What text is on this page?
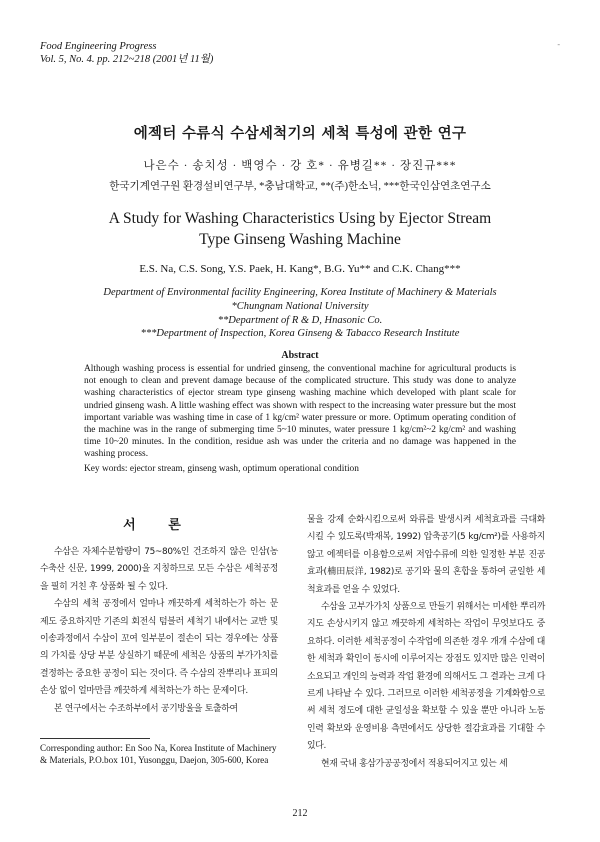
Food Engineering Progress
Vol. 5, No. 4. pp. 212~218 (2001년 11월)
-
에젝터 수류식 수삼세척기의 세척 특성에 관한 연구
나은수 · 송치성 · 백영수 · 강 호* · 유병길** · 장진규***
한국기계연구원 환경설비연구부, *충남대학교, **(주)한소닉, ***한국인삼연초연구소
A Study for Washing Characteristics Using by Ejector Stream
Type Ginseng Washing Machine
E.S. Na, C.S. Song, Y.S. Paek, H. Kang*, B.G. Yu** and C.K. Chang***
Department of Environmental facility Engineering, Korea Institute of Machinery & Materials
*Chungnam National University
**Department of R & D, Hnasonic Co.
***Department of Inspection, Korea Ginseng & Tabacco Research Institute
Abstract
Although washing process is essential for undried ginseng, the conventional machine for agricultural products is not enough to clean and prevent damage because of the complicated structure. This study was done to analyze washing characteristics of ejector stream type ginseng washing machine which developed with plant scale for undried ginseng wash. A little washing effect was shown with respect to the increasing water pressure but the most important variable was washing time in case of 1 kg/cm² water pressure or more. Optimum operating condition of the machine was in the range of submerging time 5~10 minutes, water pressure 1 kg/cm²~2 kg/cm² and washing time 10~20 minutes. In the condition, residue ash was under the criteria and no damage was happened in the washing process.
Key words: ejector stream, ginseng wash, optimum operational condition
서 론

수삼은 자체수분함량이 75~80%인 건조하지 않은 인삼(농수축산 신문, 1999, 2000)을 지칭하므로 모든 수삼은 세척공정을 필히 거친 후 상품화 될 수 있다.

수삼의 세척 공정에서 얼마나 깨끗하게 세척하는가 하는 문제도 중요하지만 기존의 회전식 텀블러 세척기 내에서는 교반 및 이송과정에서 수삼이 꼬여 일부분이 절손이 되는 경우에는 상품의 가치를 상당 부분 상실하기 때문에 세척은 상품의 부가가치를 결정하는 중요한 공정이 되는 것이다. 즉 수삼의 잔뿌리나 표피의 손상 없이 얼마만큼 깨끗하게 세척하는가 하는 문제이다.

본 연구에서는 수조하부에서 공기방울을 토출하여

Corresponding author: En Soo Na, Korea Institute of Machinery & Materials, P.O.box 101, Yusonggu, Daejon, 305-600, Korea

물을 강제 순화시킴으로써 와류를 발생시켜 세척효과를 극대화시킬 수 있도록(박재복, 1992) 압축공기(5 kg/cm²)를 사용하지 않고 에젝터를 이용함으로써 저압수류에 의한 일정한 부분 진공 효과(楠田辰洋, 1982)로 공기와 물의 혼합을 통하여 균일한 세척효과를 얻을 수 있었다.

수삼을 고부가가치 상품으로 만들기 위해서는 미세한 뿌리까지도 손상시키지 않고 깨끗하게 세척하는 작업이 무엇보다도 중요하다. 이러한 세척공정이 수작업에 의존한 경우 개개 수삼에 대한 세척과 확인이 동시에 이루어지는 장점도 있지만 많은 인력이 소요되고 개인의 능력과 작업 환경에 의해서도 그 결과는 크게 다르게 나타날 수 있다. 그러므로 이러한 세척공정을 기계화함으로써 세척 정도에 대한 균일성을 확보할 수 있을 뿐만 아니라 노동 인력 확보와 운영비용 측면에서도 상당한 절감효과를 기대할 수 있다.

현재 국내 홍삼가공공정에서 적용되어지고 있는 세

212
